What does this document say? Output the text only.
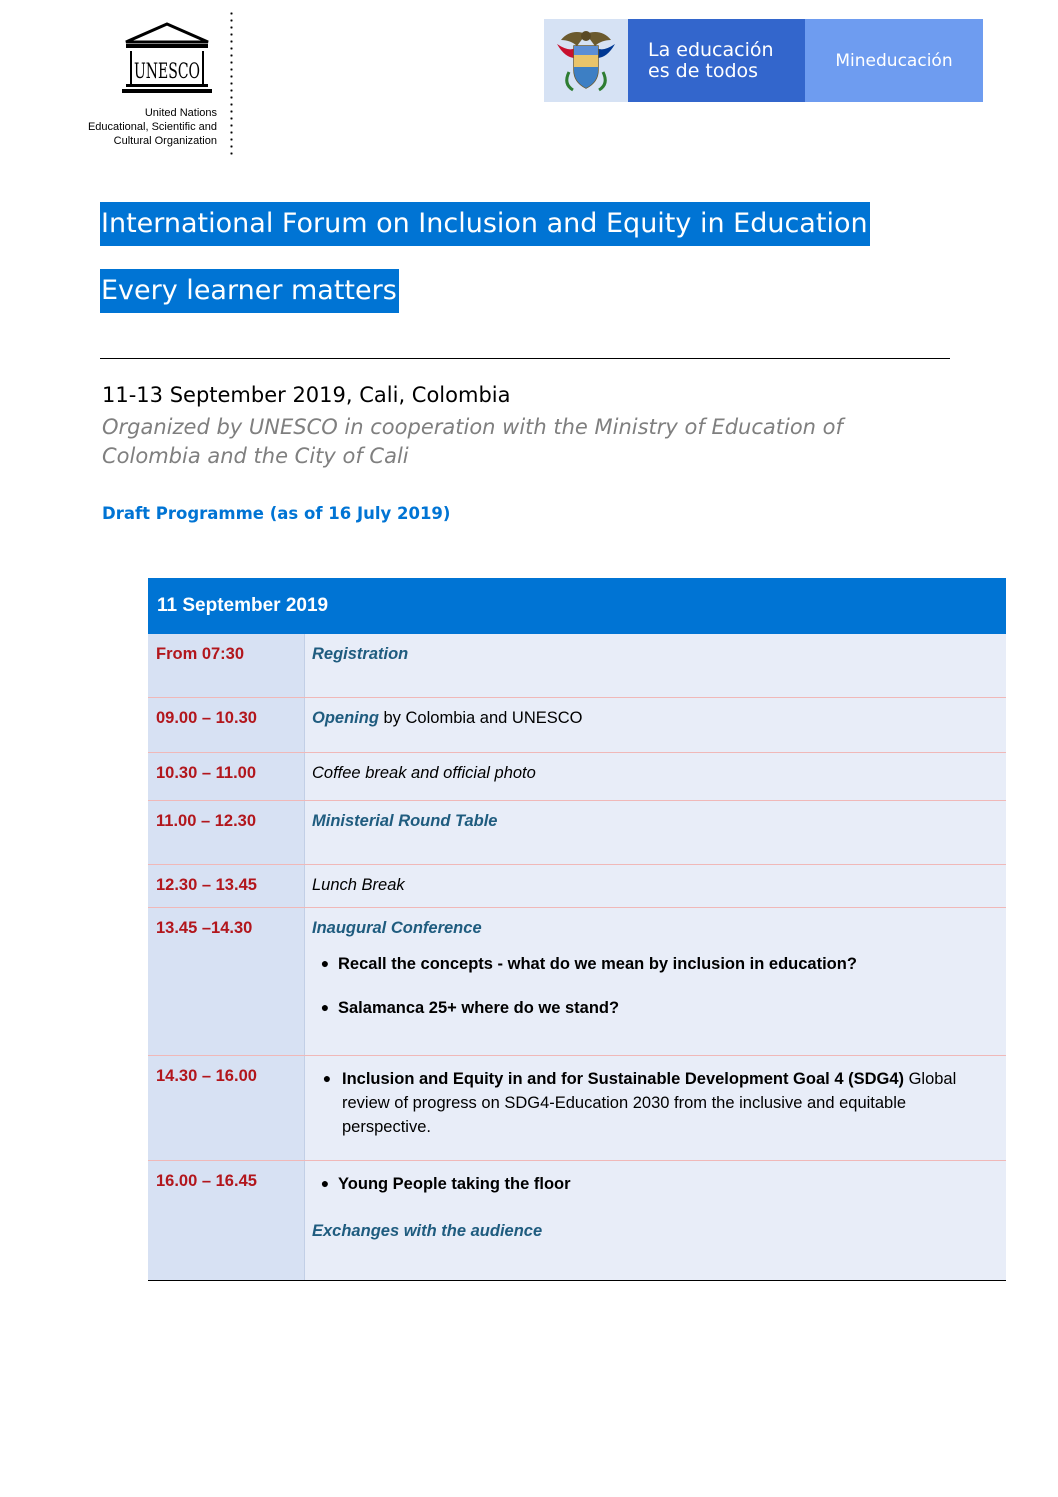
UNESCO
United Nations
Educational, Scientific and
Cultural Organization
La educación
es de todos	Mineducación
International Forum on Inclusion and Equity in Education
Every learner matters
11-13 September 2019, Cali, Colombia
Organized by UNESCO in cooperation with the Ministry of Education of Colombia and the City of Cali
Draft Programme (as of 16 July 2019)
11 September 2019
From 07:30	Registration
09.00 – 10.30	Opening by Colombia and UNESCO
10.30 – 11.00	Coffee break and official photo
11.00 – 12.30	Ministerial Round Table
12.30 – 13.45	Lunch Break
13.45 –14.30	Inaugural Conference
● Recall the concepts - what do we mean by inclusion in education?
● Salamanca 25+ where do we stand?
14.30 – 16.00	● Inclusion and Equity in and for Sustainable Development Goal 4 (SDG4) Global review of progress on SDG4-Education 2030 from the inclusive and equitable perspective.
16.00 – 16.45	● Young People taking the floor
Exchanges with the audience
